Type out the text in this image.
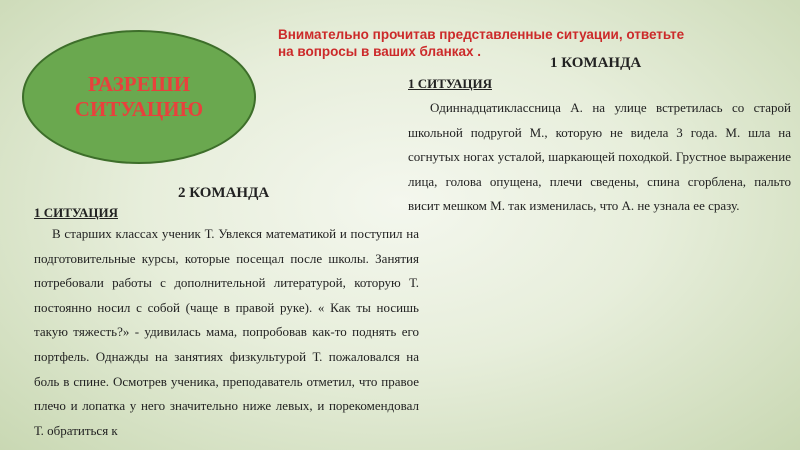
РАЗРЕШИ
СИТУАЦИЮ
Внимательно прочитав представленные ситуации, ответьте на вопросы в ваших бланках .
1 КОМАНДА
1 СИТУАЦИЯ
Одиннадцатиклассница А. на улице встретилась со старой школьной подругой М., которую не видела 3 года. М. шла на согнутых ногах усталой, шаркающей походкой. Грустное выражение лица, голова опущена, плечи сведены, спина сгорблена, пальто висит мешком М. так изменилась, что А. не узнала ее сразу.
2 КОМАНДА
1 СИТУАЦИЯ
В старших классах ученик Т. Увлекся математикой и поступил на подготовительные курсы, которые посещал после школы. Занятия потребовали работы с дополнительной литературой, которую Т. постоянно носил с собой (чаще в правой руке). « Как ты носишь такую тяжесть?» - удивилась мама, попробовав как-то поднять его портфель. Однажды на занятиях физкультурой Т. пожаловался на боль в спине. Осмотрев ученика, преподаватель отметил, что правое плечо и лопатка у него значительно ниже левых, и порекомендовал Т. обратиться к
